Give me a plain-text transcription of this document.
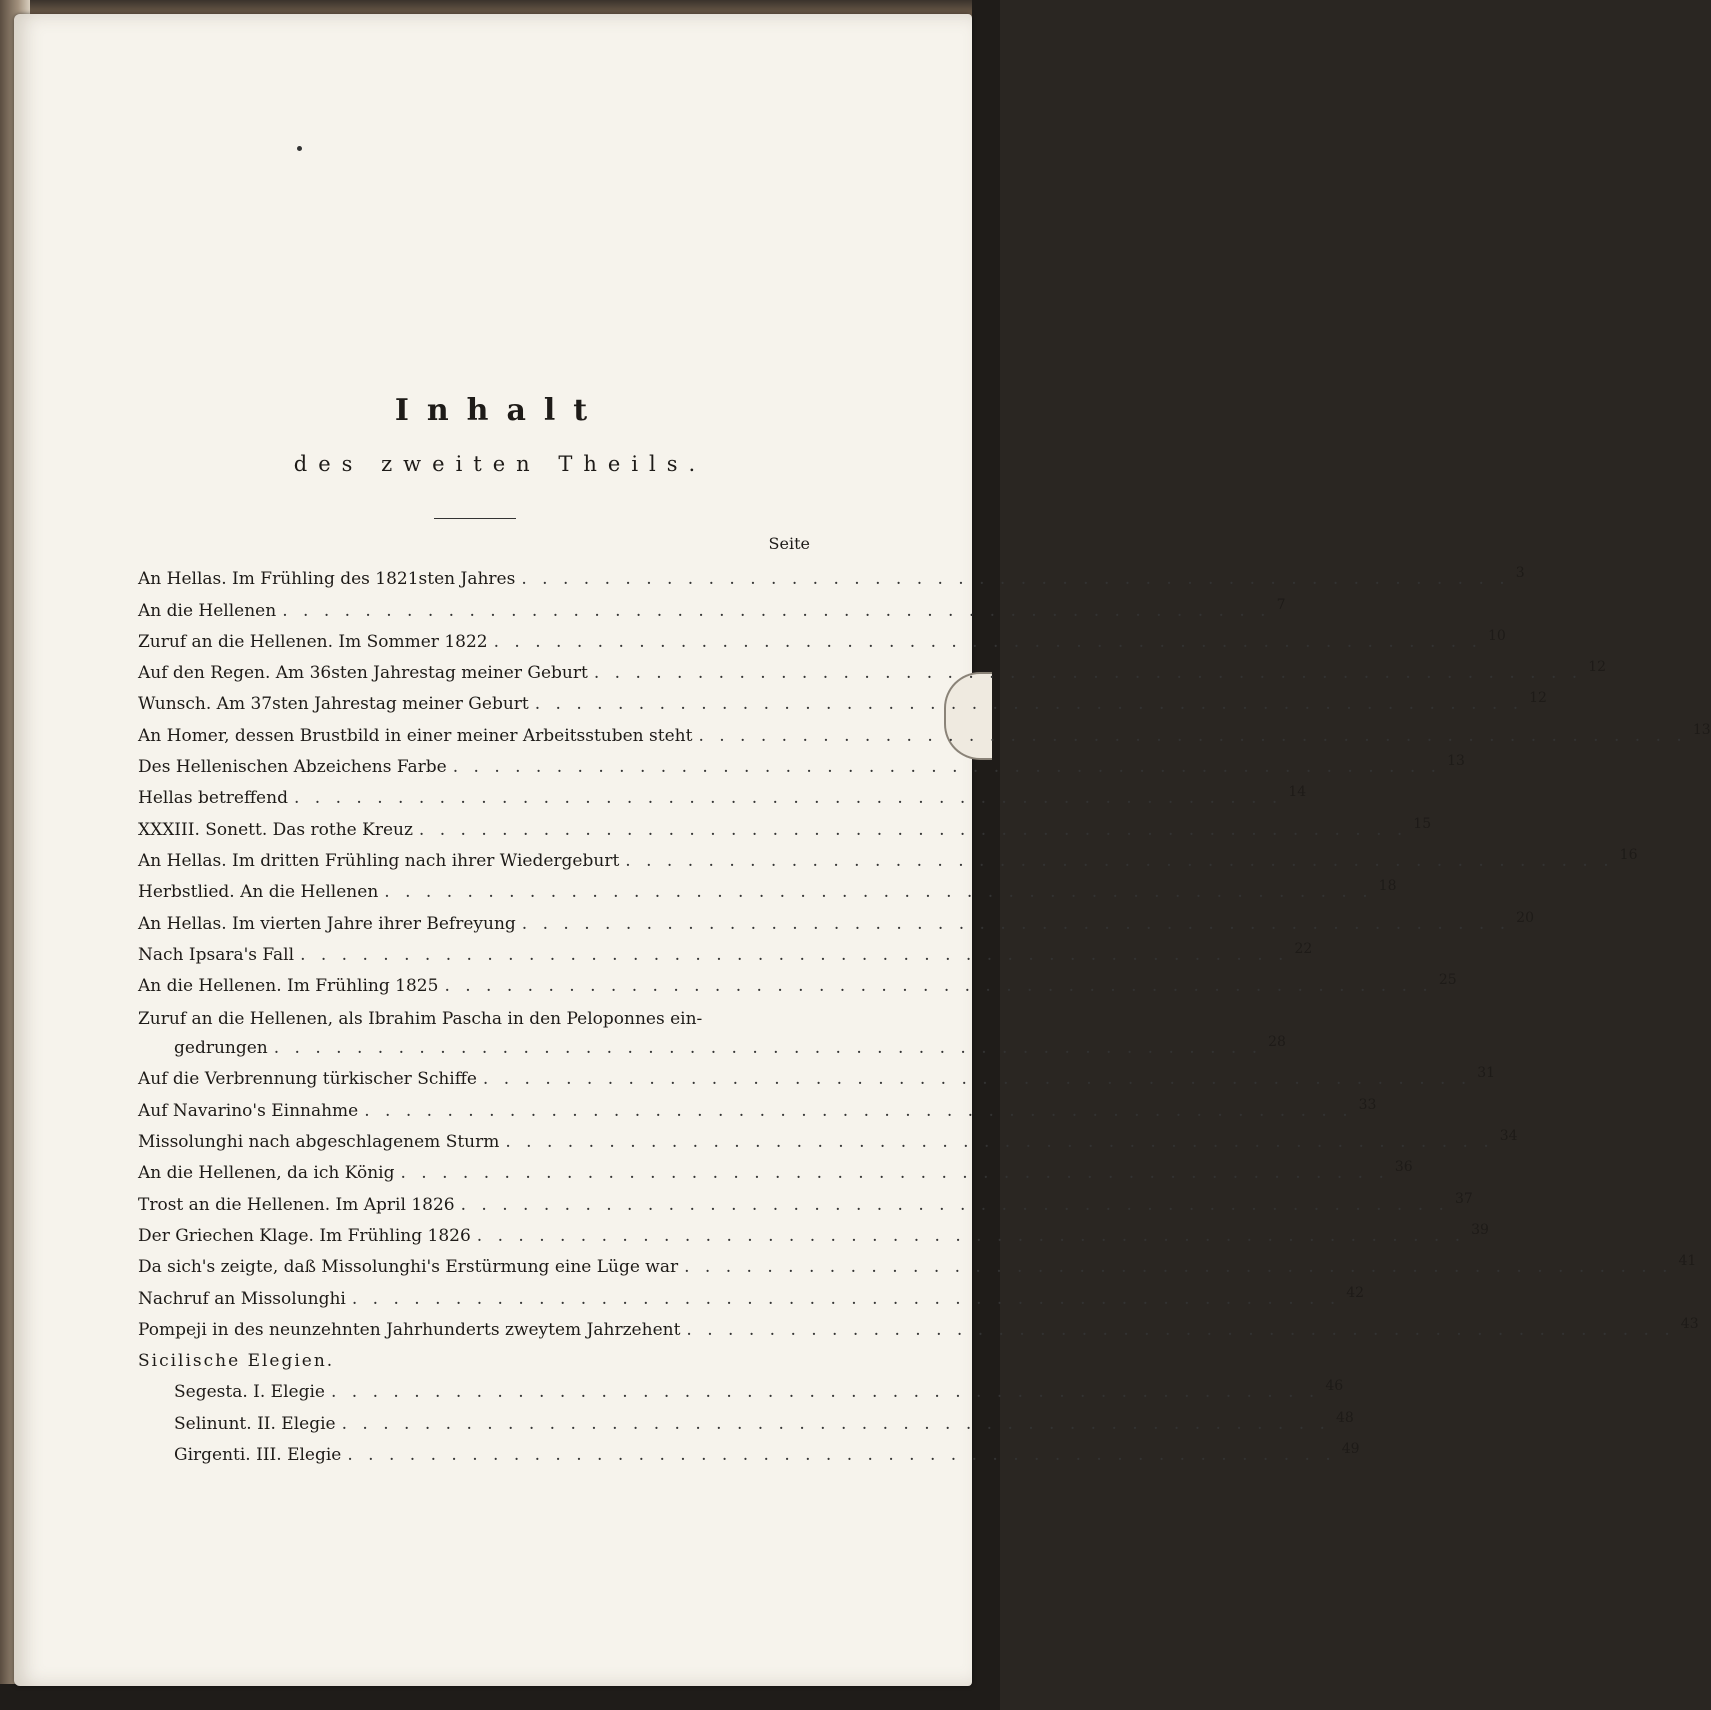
Inhalt
des zweiten Theils.
Seite
An Hellas. Im Frühling des 1821sten Jahres . . . . . . . . . . . . . . . . . . . . . . . . . . . . . . . . . . . . . . . . . . . . . . . . 3
An die Hellenen . . . . . . . . . . . . . . . . . . . . . . . . . . . . . . . . . . . . . . . . . . . . . . . . 7
Zuruf an die Hellenen. Im Sommer 1822 . . . . . . . . . . . . . . . . . . . . . . . . . . . . . . . . . . . . . . . . . . . . . . . . 10
Auf den Regen. Am 36sten Jahrestag meiner Geburt . . . . . . . . . . . . . . . . . . . . . . . . . . . . . . . . . . . . . . . . . . . . . . . . 12
Wunsch. Am 37sten Jahrestag meiner Geburt . . . . . . . . . . . . . . . . . . . . . . . . . . . . . . . . . . . . . . . . . . . . . . . . 12
An Homer, dessen Brustbild in einer meiner Arbeitsstuben steht . . . . . . . . . . . . . . . . . . . . . . . . . . . . . . . . . . . . . . . . . . . . . . . . 13
Des Hellenischen Abzeichens Farbe . . . . . . . . . . . . . . . . . . . . . . . . . . . . . . . . . . . . . . . . . . . . . . . . 13
Hellas betreffend . . . . . . . . . . . . . . . . . . . . . . . . . . . . . . . . . . . . . . . . . . . . . . . . 14
XXXIII. Sonett. Das rothe Kreuz . . . . . . . . . . . . . . . . . . . . . . . . . . . . . . . . . . . . . . . . . . . . . . . . 15
An Hellas. Im dritten Frühling nach ihrer Wiedergeburt . . . . . . . . . . . . . . . . . . . . . . . . . . . . . . . . . . . . . . . . . . . . . . . . 16
Herbstlied. An die Hellenen . . . . . . . . . . . . . . . . . . . . . . . . . . . . . . . . . . . . . . . . . . . . . . . . 18
An Hellas. Im vierten Jahre ihrer Befreyung . . . . . . . . . . . . . . . . . . . . . . . . . . . . . . . . . . . . . . . . . . . . . . . . 20
Nach Ipsara's Fall . . . . . . . . . . . . . . . . . . . . . . . . . . . . . . . . . . . . . . . . . . . . . . . . 22
An die Hellenen. Im Frühling 1825 . . . . . . . . . . . . . . . . . . . . . . . . . . . . . . . . . . . . . . . . . . . . . . . . 25
Zuruf an die Hellenen, als Ibrahim Pascha in den Peloponnes ein-
gedrungen . . . . . . . . . . . . . . . . . . . . . . . . . . . . . . . . . . . . . . . . . . . . . . . . 28
Auf die Verbrennung türkischer Schiffe . . . . . . . . . . . . . . . . . . . . . . . . . . . . . . . . . . . . . . . . . . . . . . . . 31
Auf Navarino's Einnahme . . . . . . . . . . . . . . . . . . . . . . . . . . . . . . . . . . . . . . . . . . . . . . . . 33
Missolunghi nach abgeschlagenem Sturm . . . . . . . . . . . . . . . . . . . . . . . . . . . . . . . . . . . . . . . . . . . . . . . . 34
An die Hellenen, da ich König . . . . . . . . . . . . . . . . . . . . . . . . . . . . . . . . . . . . . . . . . . . . . . . . 36
Trost an die Hellenen. Im April 1826 . . . . . . . . . . . . . . . . . . . . . . . . . . . . . . . . . . . . . . . . . . . . . . . . 37
Der Griechen Klage. Im Frühling 1826 . . . . . . . . . . . . . . . . . . . . . . . . . . . . . . . . . . . . . . . . . . . . . . . . 39
Da sich's zeigte, daß Missolunghi's Erstürmung eine Lüge war . . . . . . . . . . . . . . . . . . . . . . . . . . . . . . . . . . . . . . . . . . . . . . . . 41
Nachruf an Missolunghi . . . . . . . . . . . . . . . . . . . . . . . . . . . . . . . . . . . . . . . . . . . . . . . . 42
Pompeji in des neunzehnten Jahrhunderts zweytem Jahrzehent . . . . . . . . . . . . . . . . . . . . . . . . . . . . . . . . . . . . . . . . . . . . . . . . 43
Sicilische Elegien.
Segesta. I. Elegie . . . . . . . . . . . . . . . . . . . . . . . . . . . . . . . . . . . . . . . . . . . . . . . . 46
Selinunt. II. Elegie . . . . . . . . . . . . . . . . . . . . . . . . . . . . . . . . . . . . . . . . . . . . . . . . 48
Girgenti. III. Elegie . . . . . . . . . . . . . . . . . . . . . . . . . . . . . . . . . . . . . . . . . . . . . . . . 49
